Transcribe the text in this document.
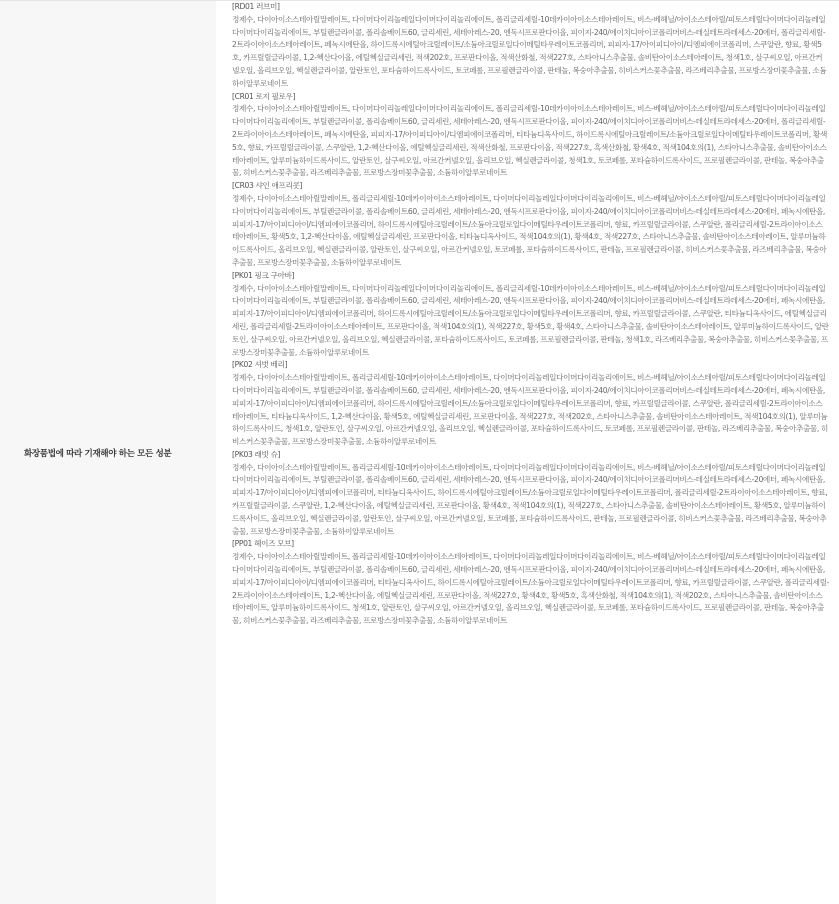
화장품법에 따라 기재해야 하는 모든 성분
[RD01 러브미]
정제수, 다이아이소스테아릴말레이트, 다이머다이리놀레일다이머다이리놀리에이트, 폴리글리세릴-10데카이아이소스테아레이트, 비스-베헤닐/아이소스테아릴/피토스테릴다이머다이리놀레일다이머다이리놀리에이트, 부틸렌글라이콜, 폴리솔베이트60, 글리세린, 세테아레스-20, 엔독시프로판다이올, 피이지-240/에이치디아이코폴리머비스-데실테트라데세스-20에터, 폴리글리세릴-2트라이아이소스테아레이트, 페녹시에탄올, 하이드록시에틸아크릴레이트/소듐아크릴로일다이메틸타우레이트코폴리머, 피피지-17/아이피디아이/디엠피에이코폴리머, 스쿠알란, 향료, 황색5호, 카프릴릴글라이콜, 1,2-헥산다이올, 에틸헥실글리세린, 적색202호, 프로판다이올, 적색산화철, 적색227호, 스타아니스추출물, 솔비탄아이소스테아레이트, 청색1호, 살구씨오일, 아르간커넬오일, 올리브오일, 헥실렌글라이콜, 알란토인, 포타슘하이드록사이드, 토코페롤, 프로필렌글라이콜, 판테놀, 복숭아추출물, 히비스커스꽃추출물, 라즈베리추출물, 프로방스장미꽃추출물, 소듐하이알루로네이트
[CR01 로지 필로우]
정제수, 다이아이소스테아릴말레이트, 다이머다이리놀레일다이머다이리놀리에이트, 폴리글리세릴-10데카이아이소스테아레이트, 비스-베헤닐/아이소스테아릴/피토스테릴다이머다이리놀레일다이머다이리놀리에이트, 부틸렌글라이콜, 폴리솔베이트60, 글리세린, 세테아레스-20, 엔독시프로판다이올, 피이지-240/에이치디아이코폴리머비스-데실테트라데세스-20에터, 폴리글리세릴-2트라이아이소스테아레이트, 페녹시에탄올, 피피지-17/아이피디아이/디엠피에이코폴리머, 티타늄디옥사이드, 하이드록시에틸아크릴레이트/소듐아크릴로일다이메틸타우레이트코폴리머, 황색5호, 향료, 카프릴릴글라이콜, 스쿠알란, 1,2-헥산다이올, 에틸헥실글리세린, 적색산화철, 프로판다이올, 적색227호, 흑색산화철, 황색4호, 적색104호의(1), 스타아니스추출물, 솔비탄아이소스테아레이트, 알루미늄하이드록사이드, 알란토인, 살구씨오일, 아르간커넬오일, 올리브오일, 헥실렌글라이콜, 청색1호, 토코페롤, 포타슘하이드록사이드, 프로필렌글라이콜, 판테놀, 복숭아추출물, 히비스커스꽃추출물, 라즈베리추출물, 프로방스장미꽃추출물, 소듐하이알루로네이트
[CR03 샤인 애프리콧]
정제수, 다이아이소스테아릴말레이트, 폴리글리세릴-10데카이아이소스테아레이트, 다이머다이리놀레일다이머다이리놀리에이트, 비스-베헤닐/아이소스테아릴/피토스테릴다이머다이리놀레일다이머다이리놀리에이트, 부틸렌글라이콜, 폴리솔베이트60, 글리세린, 세테아레스-20, 엔독시프로판다이올, 피이지-240/에이치디아이코폴리머비스-데실테트라데세스-20에터, 페녹시에탄올, 피피지-17/아이피디아이/디엠피에이코폴리머, 하이드록시에틸아크릴레이트/소듐아크릴로일다이메틸타우레이트코폴리머, 향료, 카프릴릴글라이콜, 스쿠알란, 폴리글리세릴-2트라이아이소스테아레이트, 황색5호, 1,2-헥산다이올, 에틸헥실글리세린, 프로판다이올, 티타늄디옥사이드, 적색104호의(1), 황색4호, 적색227호, 스타아니스추출물, 솔비탄아이소스테아레이트, 알루미늄하이드록사이드, 올리브오일, 헥실렌글라이콜, 알란토인, 살구씨오일, 아르간커넬오일, 토코페롤, 포타슘하이드록사이드, 판테놀, 프로필렌글라이콜, 히비스커스꽃추출물, 라즈베리추출물, 복숭아추출물, 프로방스장미꽃추출물, 소듐하이알루로네이트
[PK01 핑크 구아바]
정제수, 다이아이소스테아릴말레이트, 다이머다이리놀레일다이머다이리놀리에이트, 폴리글리세릴-10데카이아이소스테아레이트, 비스-베헤닐/아이소스테아릴/피토스테릴다이머다이리놀레일다이머다이리놀리에이트, 부틸렌글라이콜, 폴리솔베이트60, 글리세린, 세테아레스-20, 엔독시프로판다이올, 피이지-240/에이치디아이코폴리머비스-데실테트라데세스-20에터, 페녹시에탄올, 피피지-17/아이피디아이/디엠피에이코폴리머, 하이드록시에틸아크릴레이트/소듐아크릴로일다이메틸타우레이트코폴리머, 향료, 카프릴릴글라이콜, 스쿠알란, 티타늄디옥사이드, 에틸헥실글리세린, 폴리글리세릴-2트라이아이소스테아레이트, 프로판다이올, 적색104호의(1), 적색227호, 황색5호, 황색4호, 스타아니스추출물, 솔비탄아이소스테아레이트, 알루미늄하이드록사이드, 알란토인, 살구씨오일, 아르간커넬오일, 올리브오일, 헥실렌글라이콜, 포타슘하이드록사이드, 토코페롤, 프로필렌글라이콜, 판테놀, 청색1호, 라즈베리추출물, 복숭아추출물, 히비스커스꽃추출물, 프로방스장미꽃추출물, 소듐하이알루로네이트
[PK02 셔벗 베리]
정제수, 다이아이소스테아릴말레이트, 폴리글리세릴-10데카이아이소스테아레이트, 다이머다이리놀레일다이머다이리놀리에이트, 비스-베헤닐/아이소스테아릴/피토스테릴다이머다이리놀레일다이머다이리놀리에이트, 부틸렌글라이콜, 폴리솔베이트60, 글리세린, 세테아레스-20, 엔독시프로판다이올, 피이지-240/에이치디아이코폴리머비스-데실테트라데세스-20에터, 페녹시에탄올, 피피지-17/아이피디아이/디엠피에이코폴리머, 하이드록시에틸아크릴레이트/소듐아크릴로일다이메틸타우레이트코폴리머, 향료, 카프릴릴글라이콜, 스쿠알란, 폴리글리세릴-2트라이아이소스테아레이트, 티타늄디옥사이드, 1,2-헥산다이올, 황색5호, 에틸헥실글리세린, 프로판다이올, 적색227호, 적색202호, 스타아니스추출물, 솔비탄아이소스테아레이트, 적색104호의(1), 알루미늄하이드록사이드, 청색1호, 알란토인, 살구씨오일, 아르간커넬오일, 올리브오일, 헥실렌글라이콜, 포타슘하이드록사이드, 토코페롤, 프로필렌글라이콜, 판테놀, 라즈베리추출물, 복숭아추출물, 히비스커스꽃추출물, 프로방스장미꽃추출물, 소듐하이알루로네이트
[PK03 래빗 슈]
정제수, 다이아이소스테아릴말레이트, 폴리글리세릴-10데카이아이소스테아레이트, 다이머다이리놀레일다이머다이리놀리에이트, 비스-베헤닐/아이소스테아릴/피토스테릴다이머다이리놀레일다이머다이리놀리에이트, 부틸렌글라이콜, 폴리솔베이트60, 글리세린, 세테아레스-20, 엔독시프로판다이올, 피이지-240/에이치디아이코폴리머비스-데실테트라데세스-20에터, 페녹시에탄올, 피피지-17/아이피디아이/디엠피에이코폴리머, 티타늄디옥사이드, 하이드록시에틸아크릴레이트/소듐아크릴로일다이메틸타우레이트코폴리머, 폴리글리세릴-2트라이아이소스테아레이트, 향료, 카프릴릴글라이콜, 스쿠알란, 1,2-헥산다이올, 에틸헥실글리세린, 프로판다이올, 황색4호, 적색104호의(1), 적색227호, 스타아니스추출물, 솔비탄아이소스테아레이트, 황색5호, 알루미늄하이드록사이드, 올리브오일, 헥실렌글라이콜, 알란토인, 살구씨오일, 아르간커넬오일, 토코페롤, 포타슘하이드록사이드, 판테놀, 프로필렌글라이콜, 히비스커스꽃추출물, 라즈베리추출물, 복숭아추출물, 프로방스장미꽃추출물, 소듐하이알루로네이트
[PP01 헤이즈 모브]
정제수, 다이아이소스테아릴말레이트, 폴리글리세릴-10데카이아이소스테아레이트, 다이머다이리놀레일다이머다이리놀리에이트, 비스-베헤닐/아이소스테아릴/피토스테릴다이머다이리놀레일다이머다이리놀리에이트, 부틸렌글라이콜, 폴리솔베이트60, 글리세린, 세테아레스-20, 엔독시프로판다이올, 피이지-240/에이치디아이코폴리머비스-데실테트라데세스-20에터, 페녹시에탄올, 피피지-17/아이피디아이/디엠피에이코폴리머, 티타늄디옥사이드, 하이드록시에틸아크릴레이트/소듐아크릴로일다이메틸타우레이트코폴리머, 향료, 카프릴릴글라이콜, 스쿠알란, 폴리글리세릴-2트라이아이소스테아레이트, 1,2-헥산다이올, 에틸헥실글리세린, 프로판다이올, 적색227호, 황색4호, 황색5호, 흑색산화철, 적색104호의(1), 적색202호, 스타아니스추출물, 솔비탄아이소스테아레이트, 알루미늄하이드록사이드, 청색1호, 알란토인, 살구씨오일, 아르간커넬오일, 올리브오일, 헥실렌글라이콜, 토코페롤, 포타슘하이드록사이드, 프로필렌글라이콜, 판테놀, 복숭아추출물, 히비스커스꽃추출물, 라즈베리추출물, 프로방스장미꽃추출물, 소듐하이알루로네이트
